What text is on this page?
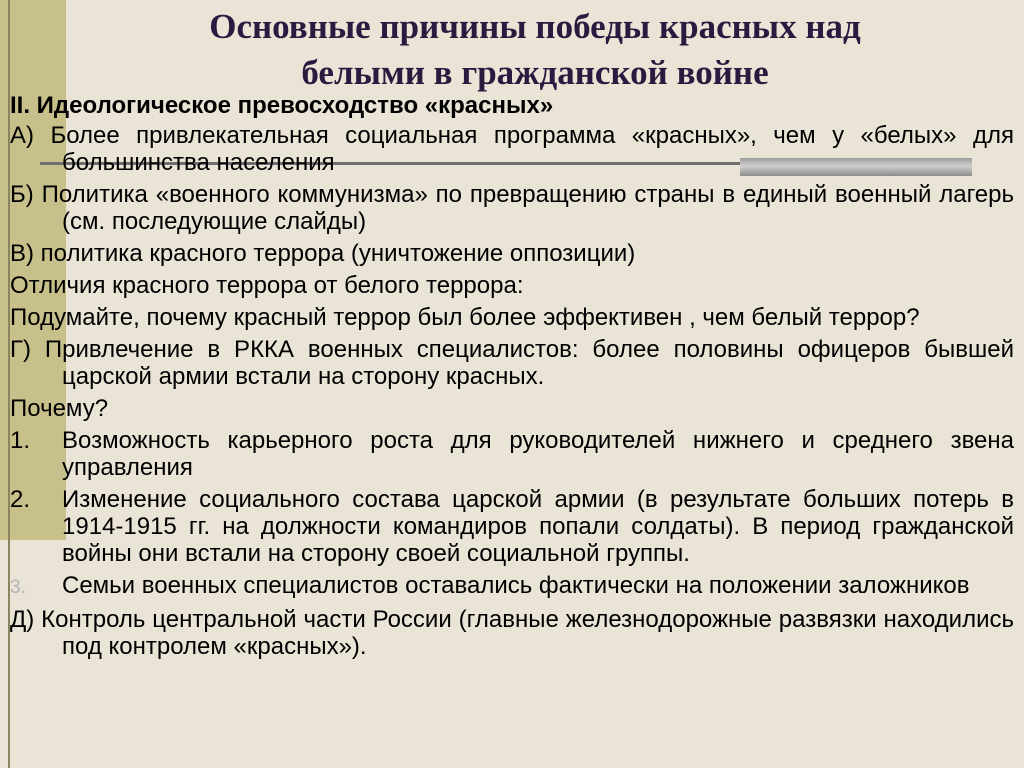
Основные причины победы красных над
белыми в гражданской войне

II. Идеологическое превосходство «красных»

А) Более привлекательная социальная программа «красных», чем у «белых» для большинства населения

Б) Политика «военного коммунизма» по превращению страны в единый военный лагерь (см. последующие слайды)

В) политика красного террора (уничтожение оппозиции)

Отличия красного террора от белого террора:

Подумайте, почему красный террор был более эффективен , чем белый террор?

Г) Привлечение в РККА военных специалистов: более половины офицеров бывшей царской армии встали на сторону красных.

Почему?

1. Возможность карьерного роста для руководителей нижнего и среднего звена управления

2. Изменение социального состава царской армии (в результате больших потерь в 1914-1915 гг. на должности командиров попали солдаты). В период гражданской войны они встали на сторону своей социальной группы.

3. Семьи военных специалистов оставались фактически на положении заложников

Д) Контроль центральной части России (главные железнодорожные развязки находились под контролем «красных»).
